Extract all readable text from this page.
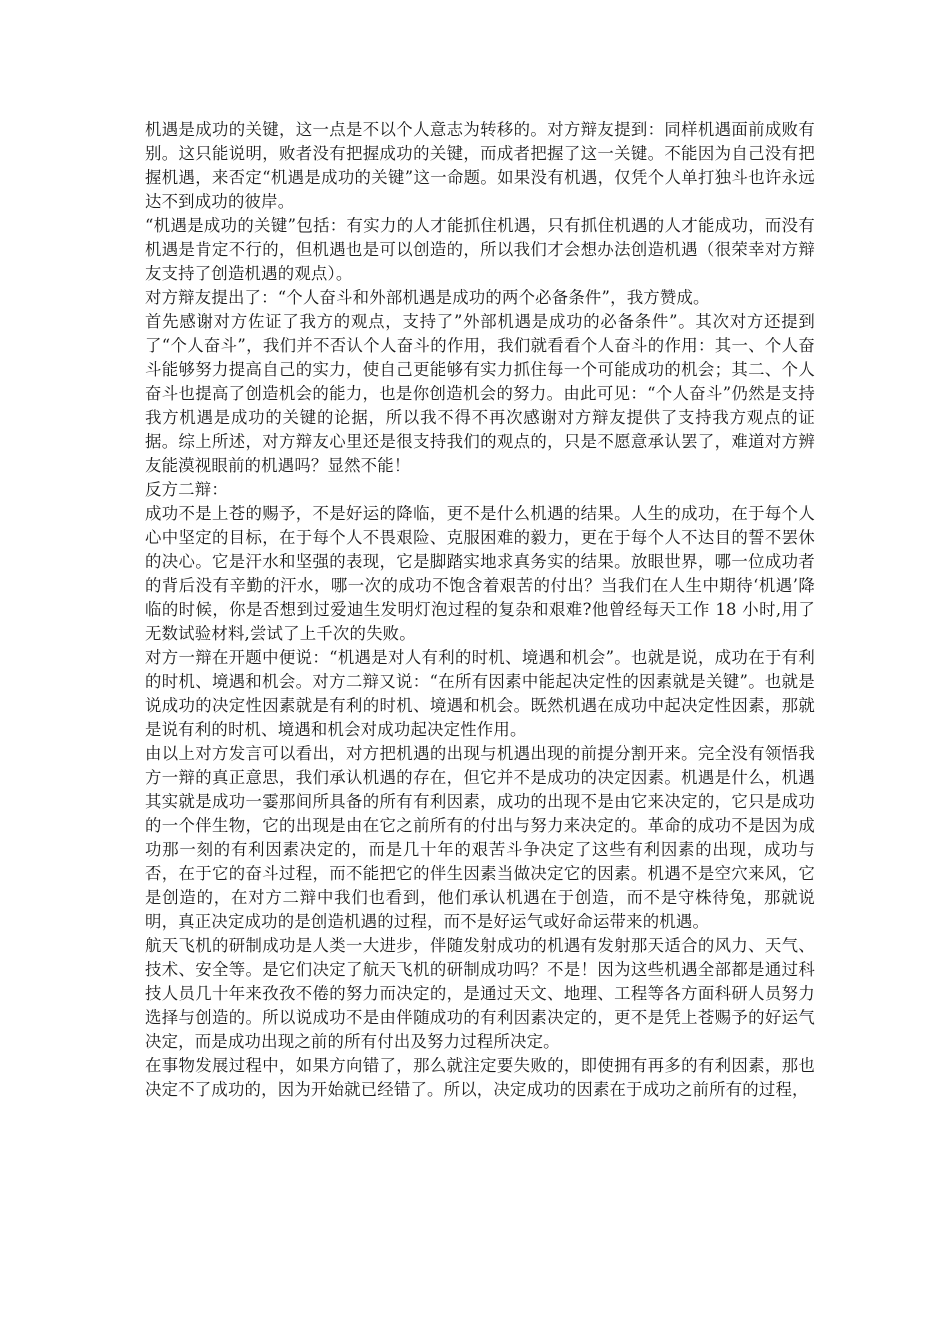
机遇是成功的关键，这一点是不以个人意志为转移的。对方辩友提到：同样机遇面前成败有别。这只能说明，败者没有把握成功的关键，而成者把握了这一关键。不能因为自己没有把握机遇，来否定“机遇是成功的关键”这一命题。如果没有机遇，仅凭个人单打独斗也许永远达不到成功的彼岸。

“机遇是成功的关键”包括：有实力的人才能抓住机遇，只有抓住机遇的人才能成功，而没有机遇是肯定不行的，但机遇也是可以创造的，所以我们才会想办法创造机遇（很荣幸对方辩友支持了创造机遇的观点）。

对方辩友提出了：“个人奋斗和外部机遇是成功的两个必备条件”，我方赞成。

首先感谢对方佐证了我方的观点，支持了”外部机遇是成功的必备条件”。其次对方还提到了“个人奋斗”，我们并不否认个人奋斗的作用，我们就看看个人奋斗的作用：其一、个人奋斗能够努力提高自己的实力，使自己更能够有实力抓住每一个可能成功的机会；其二、个人奋斗也提高了创造机会的能力，也是你创造机会的努力。由此可见：“个人奋斗”仍然是支持我方机遇是成功的关键的论据，所以我不得不再次感谢对方辩友提供了支持我方观点的证据。综上所述，对方辩友心里还是很支持我们的观点的，只是不愿意承认罢了，难道对方辨友能漠视眼前的机遇吗？显然不能！

反方二辩：

成功不是上苍的赐予，不是好运的降临，更不是什么机遇的结果。人生的成功，在于每个人心中坚定的目标，在于每个人不畏艰险、克服困难的毅力，更在于每个人不达目的誓不罢休的决心。它是汗水和坚强的表现，它是脚踏实地求真务实的结果。放眼世界，哪一位成功者的背后没有辛勤的汗水，哪一次的成功不饱含着艰苦的付出？当我们在人生中期待‘机遇’降临的时候，你是否想到过爱迪生发明灯泡过程的复杂和艰难?他曾经每天工作 18 小时,用了无数试验材料,尝试了上千次的失败。

对方一辩在开题中便说：“机遇是对人有利的时机、境遇和机会”。也就是说，成功在于有利的时机、境遇和机会。对方二辩又说：“在所有因素中能起决定性的因素就是关键”。也就是说成功的决定性因素就是有利的时机、境遇和机会。既然机遇在成功中起决定性因素，那就是说有利的时机、境遇和机会对成功起决定性作用。

由以上对方发言可以看出，对方把机遇的出现与机遇出现的前提分割开来。完全没有领悟我方一辩的真正意思，我们承认机遇的存在，但它并不是成功的决定因素。机遇是什么，机遇其实就是成功一霎那间所具备的所有有利因素，成功的出现不是由它来决定的，它只是成功的一个伴生物，它的出现是由在它之前所有的付出与努力来决定的。革命的成功不是因为成功那一刻的有利因素决定的，而是几十年的艰苦斗争决定了这些有利因素的出现，成功与否，在于它的奋斗过程，而不能把它的伴生因素当做决定它的因素。机遇不是空穴来风，它是创造的，在对方二辩中我们也看到，他们承认机遇在于创造，而不是守株待兔，那就说明，真正决定成功的是创造机遇的过程，而不是好运气或好命运带来的机遇。

航天飞机的研制成功是人类一大进步，伴随发射成功的机遇有发射那天适合的风力、天气、技术、安全等。是它们决定了航天飞机的研制成功吗？不是！因为这些机遇全部都是通过科技人员几十年来孜孜不倦的努力而决定的，是通过天文、地理、工程等各方面科研人员努力选择与创造的。所以说成功不是由伴随成功的有利因素决定的，更不是凭上苍赐予的好运气决定，而是成功出现之前的所有付出及努力过程所决定。

在事物发展过程中，如果方向错了，那么就注定要失败的，即使拥有再多的有利因素，那也决定不了成功的，因为开始就已经错了。所以，决定成功的因素在于成功之前所有的过程，
